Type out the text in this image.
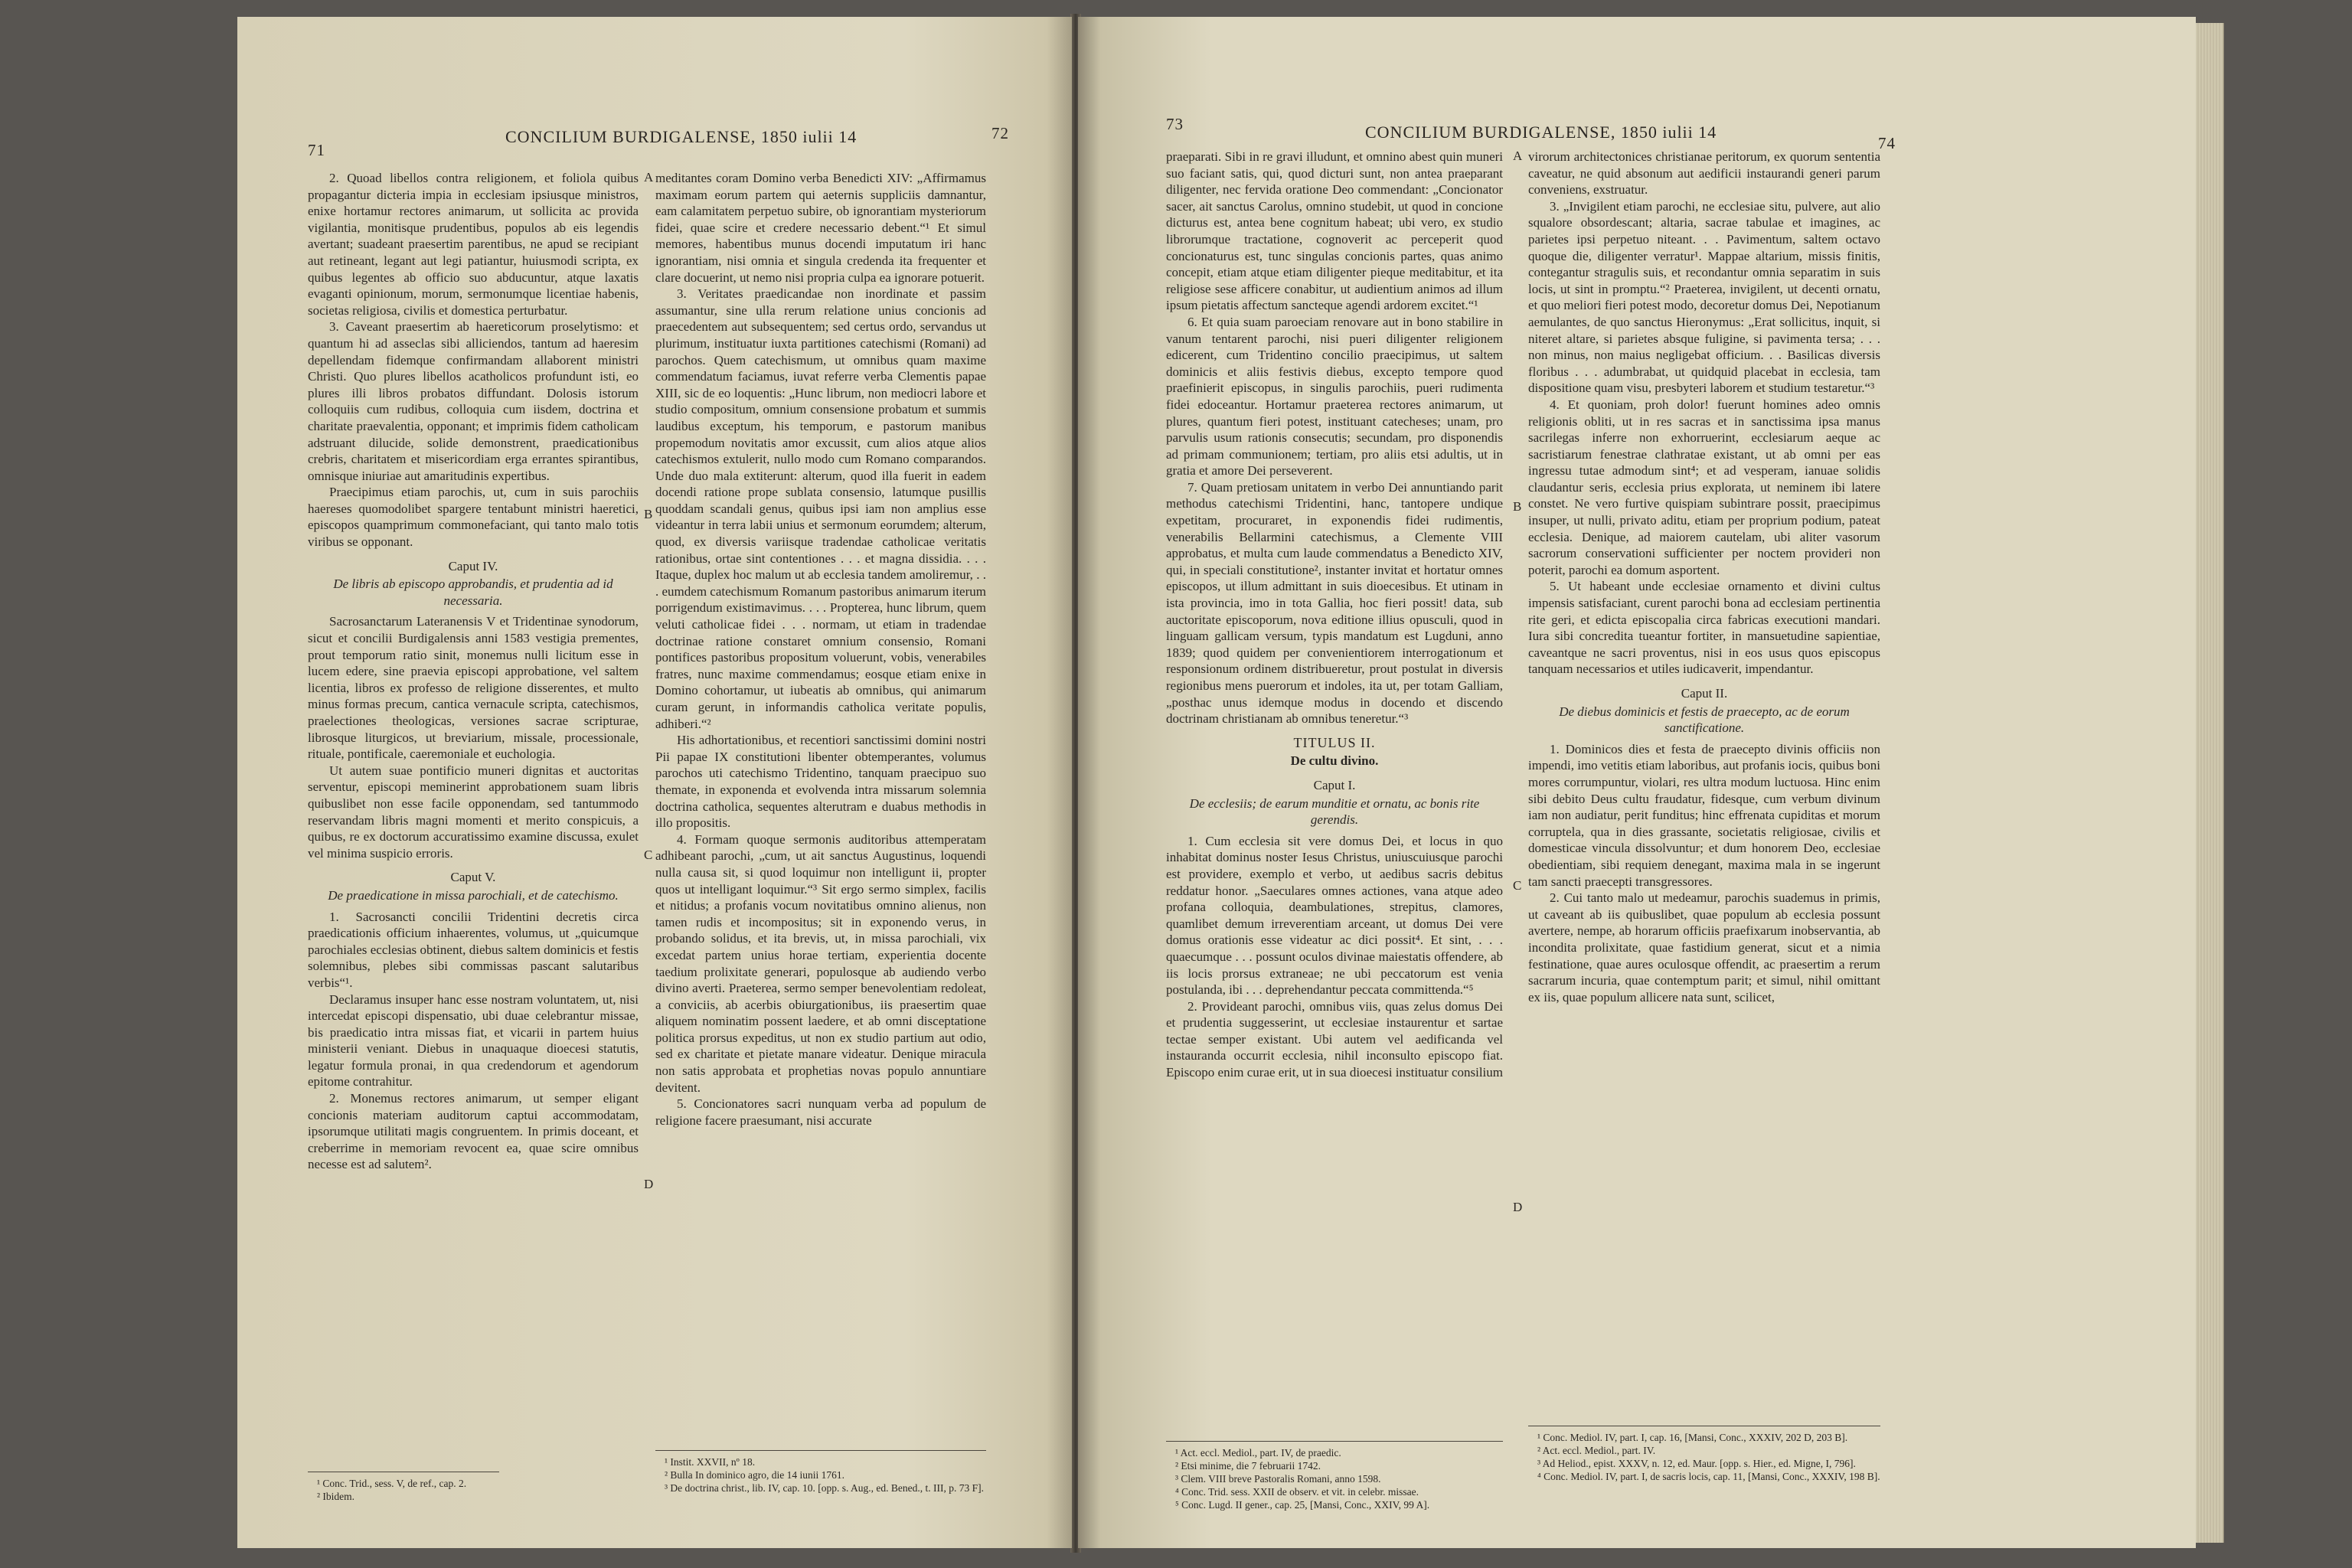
71
CONCILIUM BURDIGALENSE, 1850 iulii 14	72

2. Quoad libellos contra religionem, et foliola quibus propagantur dicteria impia in ecclesiam ipsiusque ministros, enixe hortamur rectores animarum, ut sollicita ac provida vigilantia, monitisque prudentibus, populos ab eis legendis avertant; suadeant praesertim parentibus, ne apud se recipiant aut retineant, legant aut legi patiantur, huiusmodi scripta, ex quibus legentes ab officio suo abducuntur, atque laxatis evaganti opinionum, morum, sermonumque licentiae habenis, societas religiosa, civilis et domestica perturbatur.

3. Caveant praesertim ab haereticorum proselytismo: et quantum hi ad asseclas sibi alliciendos, tantum ad haeresim depellendam fidemque confirmandam allaborent ministri Christi. Quo plures libellos acatholicos profundunt isti, eo plures illi libros probatos diffundant. Dolosis istorum colloquiis cum rudibus, colloquia cum iisdem, doctrina et charitate praevalentia, opponant; et imprimis fidem catholicam adstruant dilucide, solide demonstrent, praedicationibus crebris, charitatem et misericordiam erga errantes spirantibus, omnisque iniuriae aut amaritudinis expertibus.

Praecipimus etiam parochis, ut, cum in suis parochiis haereses quomodolibet spargere tentabunt ministri haeretici, episcopos quamprimum commonefaciant, qui tanto malo totis viribus se opponant.

Caput IV.
De libris ab episcopo approbandis, et prudentia ad id necessaria.

Sacrosanctarum Lateranensis V et Tridentinae synodorum, sicut et concilii Burdigalensis anni 1583 vestigia prementes, prout temporum ratio sinit, monemus nulli licitum esse in lucem edere, sine praevia episcopi approbatione, vel saltem licentia, libros ex professo de religione disserentes, et multo minus formas precum, cantica vernacule scripta, catechismos, praelectiones theologicas, versiones sacrae scripturae, librosque liturgicos, ut breviarium, missale, processionale, rituale, pontificale, caeremoniale et euchologia.

Ut autem suae pontificio muneri dignitas et auctoritas serventur, episcopi meminerint approbationem suam libris quibuslibet non esse facile opponendam, sed tantummodo reservandam libris magni momenti et merito conspicuis, a quibus, re ex doctorum accuratissimo examine discussa, exulet vel minima suspicio erroris.

Caput V.
De praedicatione in missa parochiali, et de catechismo.

1. Sacrosancti concilii Tridentini decretis circa praedicationis officium inhaerentes, volumus, ut „quicumque parochiales ecclesias obtinent, diebus saltem dominicis et festis solemnibus, plebes sibi commissas pascant salutaribus verbis“¹.

Declaramus insuper hanc esse nostram voluntatem, ut, nisi intercedat episcopi dispensatio, ubi duae celebrantur missae, bis praedicatio intra missas fiat, et vicarii in partem huius ministerii veniant. Diebus in unaquaque dioecesi statutis, legatur formula pronai, in qua credendorum et agendorum epitome contrahitur.

2. Monemus rectores animarum, ut semper eligant concionis materiam auditorum captui accommodatam, ipsorumque utilitati magis congruentem. In primis doceant, et creberrime in memoriam revocent ea, quae scire omnibus necesse est ad salutem².

¹ Conc. Trid., sess. V, de ref., cap. 2.
² Ibidem.
A
B
C
D

meditantes coram Domino verba Benedicti XIV: „Affirmamus maximam eorum partem qui aeternis suppliciis damnantur, eam calamitatem perpetuo subire, ob ignorantiam mysteriorum fidei, quae scire et credere necessario debent.“¹ Et simul memores, habentibus munus docendi imputatum iri hanc ignorantiam, nisi omnia et singula credenda ita frequenter et clare docuerint, ut nemo nisi propria culpa ea ignorare potuerit.

3. Veritates praedicandae non inordinate et passim assumantur, sine ulla rerum relatione unius concionis ad praecedentem aut subsequentem; sed certus ordo, servandus ut plurimum, instituatur iuxta partitiones catechismi (Romani) ad parochos. Quem catechismum, ut omnibus quam maxime commendatum faciamus, iuvat referre verba Clementis papae XIII, sic de eo loquentis: „Hunc librum, non mediocri labore et studio compositum, omnium consensione probatum et summis laudibus exceptum, his temporum, e pastorum manibus propemodum novitatis amor excussit, cum alios atque alios catechismos extulerit, nullo modo cum Romano comparandos. Unde duo mala extiterunt: alterum, quod illa fuerit in eadem docendi ratione prope sublata consensio, latumque pusillis quoddam scandali genus, quibus ipsi iam non amplius esse videantur in terra labii unius et sermonum eorumdem; alterum, quod, ex diversis variisque tradendae catholicae veritatis rationibus, ortae sint contentiones . . . et magna dissidia. . . . Itaque, duplex hoc malum ut ab ecclesia tandem amoliremur, . . . eumdem catechismum Romanum pastoribus animarum iterum porrigendum existimavimus. . . . Propterea, hunc librum, quem veluti catholicae fidei . . . normam, ut etiam in tradendae doctrinae ratione constaret omnium consensio, Romani pontifices pastoribus propositum voluerunt, vobis, venerabiles fratres, nunc maxime commendamus; eosque etiam enixe in Domino cohortamur, ut iubeatis ab omnibus, qui animarum curam gerunt, in informandis catholica veritate populis, adhiberi.“²

His adhortationibus, et recentiori sanctissimi domini nostri Pii papae IX constitutioni libenter obtemperantes, volumus parochos uti catechismo Tridentino, tanquam praecipuo suo themate, in exponenda et evolvenda intra missarum solemnia doctrina catholica, sequentes alterutram e duabus methodis in illo propositis.

4. Formam quoque sermonis auditoribus attemperatam adhibeant parochi, „cum, ut ait sanctus Augustinus, loquendi nulla causa sit, si quod loquimur non intelligunt ii, propter quos ut intelligant loquimur.“³ Sit ergo sermo simplex, facilis et nitidus; a profanis vocum novitatibus omnino alienus, non tamen rudis et incompositus; sit in exponendo verus, in probando solidus, et ita brevis, ut, in missa parochiali, vix excedat partem unius horae tertiam, experientia docente taedium prolixitate generari, populosque ab audiendo verbo divino averti. Praeterea, sermo semper benevolentiam redoleat, a conviciis, ab acerbis obiurgationibus, iis praesertim quae aliquem nominatim possent laedere, et ab omni disceptatione politica prorsus expeditus, ut non ex studio partium aut odio, sed ex charitate et pietate manare videatur. Denique miracula non satis approbata et prophetias novas populo annuntiare devitent.

5. Concionatores sacri nunquam verba ad populum de religione facere praesumant, nisi accurate

¹ Instit. XXVII, nº 18.
² Bulla In dominico agro, die 14 iunii 1761.
³ De doctrina christ., lib. IV, cap. 10. [opp. s. Aug., ed. Bened., t. III, p. 73 F].
73	CONCILIUM BURDIGALENSE, 1850 iulii 14
74

praeparati. Sibi in re gravi illudunt, et omnino abest quin muneri suo faciant satis, qui, quod dicturi sunt, non antea praeparant diligenter, nec fervida oratione Deo commendant: „Concionator sacer, ait sanctus Carolus, omnino studebit, ut quod in concione dicturus est, antea bene cognitum habeat; ubi vero, ex studio librorumque tractatione, cognoverit ac perceperit quod concionaturus est, tunc singulas concionis partes, quas animo concepit, etiam atque etiam diligenter pieque meditabitur, et ita religiose sese afficere conabitur, ut audientium animos ad illum ipsum pietatis affectum sancteque agendi ardorem excitet.“¹

6. Et quia suam paroeciam renovare aut in bono stabilire in vanum tentarent parochi, nisi pueri diligenter religionem edicerent, cum Tridentino concilio praecipimus, ut saltem dominicis et aliis festivis diebus, excepto tempore quod praefinierit episcopus, in singulis parochiis, pueri rudimenta fidei edoceantur. Hortamur praeterea rectores animarum, ut plures, quantum fieri potest, instituant catecheses; unam, pro parvulis usum rationis consecutis; secundam, pro disponendis ad primam communionem; tertiam, pro aliis etsi adultis, ut in gratia et amore Dei perseverent.

7. Quam pretiosam unitatem in verbo Dei annuntiando parit methodus catechismi Tridentini, hanc, tantopere undique expetitam, procuraret, in exponendis fidei rudimentis, venerabilis Bellarmini catechismus, a Clemente VIII approbatus, et multa cum laude commendatus a Benedicto XIV, qui, in speciali constitutione², instanter invitat et hortatur omnes episcopos, ut illum admittant in suis dioecesibus. Et utinam in ista provincia, imo in tota Gallia, hoc fieri possit! data, sub auctoritate episcoporum, nova editione illius opusculi, quod in linguam gallicam versum, typis mandatum est Lugduni, anno 1839; quod quidem per convenientiorem interrogationum et responsionum ordinem distribueretur, prout postulat in diversis regionibus mens puerorum et indoles, ita ut, per totam Galliam, „posthac unus idemque modus in docendo et discendo doctrinam christianam ab omnibus teneretur.“³

TITULUS II.
De cultu divino.
Caput I.
De ecclesiis; de earum munditie et ornatu, ac bonis rite gerendis.

1. Cum ecclesia sit vere domus Dei, et locus in quo inhabitat dominus noster Iesus Christus, uniuscuiusque parochi est providere, exemplo et verbo, ut aedibus sacris debitus reddatur honor. „Saeculares omnes actiones, vana atque adeo profana colloquia, deambulationes, strepitus, clamores, quamlibet demum irreverentiam arceant, ut domus Dei vere domus orationis esse videatur ac dici possit⁴. Et sint, . . . quaecumque . . . possunt oculos divinae maiestatis offendere, ab iis locis prorsus extraneae; ne ubi peccatorum est venia postulanda, ibi . . . deprehendantur peccata committenda.“⁵

2. Provideant parochi, omnibus viis, quas zelus domus Dei et prudentia suggesserint, ut ecclesiae instaurentur et sartae tectae semper existant. Ubi autem vel aedificanda vel instauranda occurrit ecclesia, nihil inconsulto episcopo fiat. Episcopo enim curae erit, ut in sua dioecesi instituatur consilium

¹ Act. eccl. Mediol., part. IV, de praedic.
² Etsi minime, die 7 februarii 1742.
³ Clem. VIII breve Pastoralis Romani, anno 1598.
⁴ Conc. Trid. sess. XXII de observ. et vit. in celebr. missae.
⁵ Conc. Lugd. II gener., cap. 25, [Mansi, Conc., XXIV, 99 A].
A
B
C
D

virorum architectonices christianae peritorum, ex quorum sententia caveatur, ne quid absonum aut aedificii instaurandi generi parum conveniens, exstruatur.

3. „Invigilent etiam parochi, ne ecclesiae situ, pulvere, aut alio squalore obsordescant; altaria, sacrae tabulae et imagines, ac parietes ipsi perpetuo niteant. . . Pavimentum, saltem octavo quoque die, diligenter verratur¹. Mappae altarium, missis finitis, contegantur stragulis suis, et recondantur omnia separatim in suis locis, ut sint in promptu.“² Praeterea, invigilent, ut decenti ornatu, et quo meliori fieri potest modo, decoretur domus Dei, Nepotianum aemulantes, de quo sanctus Hieronymus: „Erat sollicitus, inquit, si niteret altare, si parietes absque fuligine, si pavimenta tersa; . . . non minus, non maius negligebat officium. . . Basilicas diversis floribus . . . adumbrabat, ut quidquid placebat in ecclesia, tam dispositione quam visu, presbyteri laborem et studium testaretur.“³

4. Et quoniam, proh dolor! fuerunt homines adeo omnis religionis obliti, ut in res sacras et in sanctissima ipsa manus sacrilegas inferre non exhorruerint, ecclesiarum aeque ac sacristiarum fenestrae clathratae existant, ut ab omni per eas ingressu tutae admodum sint⁴; et ad vesperam, ianuae solidis claudantur seris, ecclesia prius explorata, ut neminem ibi latere constet. Ne vero furtive quispiam subintrare possit, praecipimus insuper, ut nulli, privato aditu, etiam per proprium podium, pateat ecclesia. Denique, ad maiorem cautelam, ubi aliter vasorum sacrorum conservationi sufficienter per noctem provideri non poterit, parochi ea domum asportent.

5. Ut habeant unde ecclesiae ornamento et divini cultus impensis satisfaciant, curent parochi bona ad ecclesiam pertinentia rite geri, et edicta episcopalia circa fabricas executioni mandari. Iura sibi concredita tueantur fortiter, in mansuetudine sapientiae, caveantque ne sacri proventus, nisi in eos usus quos episcopus tanquam necessarios et utiles iudicaverit, impendantur.

Caput II.
De diebus dominicis et festis de praecepto, ac de eorum sanctificatione.

1. Dominicos dies et festa de praecepto divinis officiis non impendi, imo vetitis etiam laboribus, aut profanis iocis, quibus boni mores corrumpuntur, violari, res ultra modum luctuosa. Hinc enim sibi debito Deus cultu fraudatur, fidesque, cum verbum divinum iam non audiatur, perit funditus; hinc effrenata cupiditas et morum corruptela, qua in dies grassante, societatis religiosae, civilis et domesticae vincula dissolvuntur; et dum honorem Deo, ecclesiae obedientiam, sibi requiem denegant, maxima mala in se ingerunt tam sancti praecepti transgressores.

2. Cui tanto malo ut medeamur, parochis suademus in primis, ut caveant ab iis quibuslibet, quae populum ab ecclesia possunt avertere, nempe, ab horarum officiis praefixarum inobservantia, ab incondita prolixitate, quae fastidium generat, sicut et a nimia festinatione, quae aures oculosque offendit, ac praesertim a rerum sacrarum incuria, quae contemptum parit; et simul, nihil omittant ex iis, quae populum allicere nata sunt, scilicet,

¹ Conc. Mediol. IV, part. I, cap. 16, [Mansi, Conc., XXXIV, 202 D, 203 B].
² Act. eccl. Mediol., part. IV.
³ Ad Heliod., epist. XXXV, n. 12, ed. Maur. [opp. s. Hier., ed. Migne, I, 796].
⁴ Conc. Mediol. IV, part. I, de sacris locis, cap. 11, [Mansi, Conc., XXXIV, 198 B].
